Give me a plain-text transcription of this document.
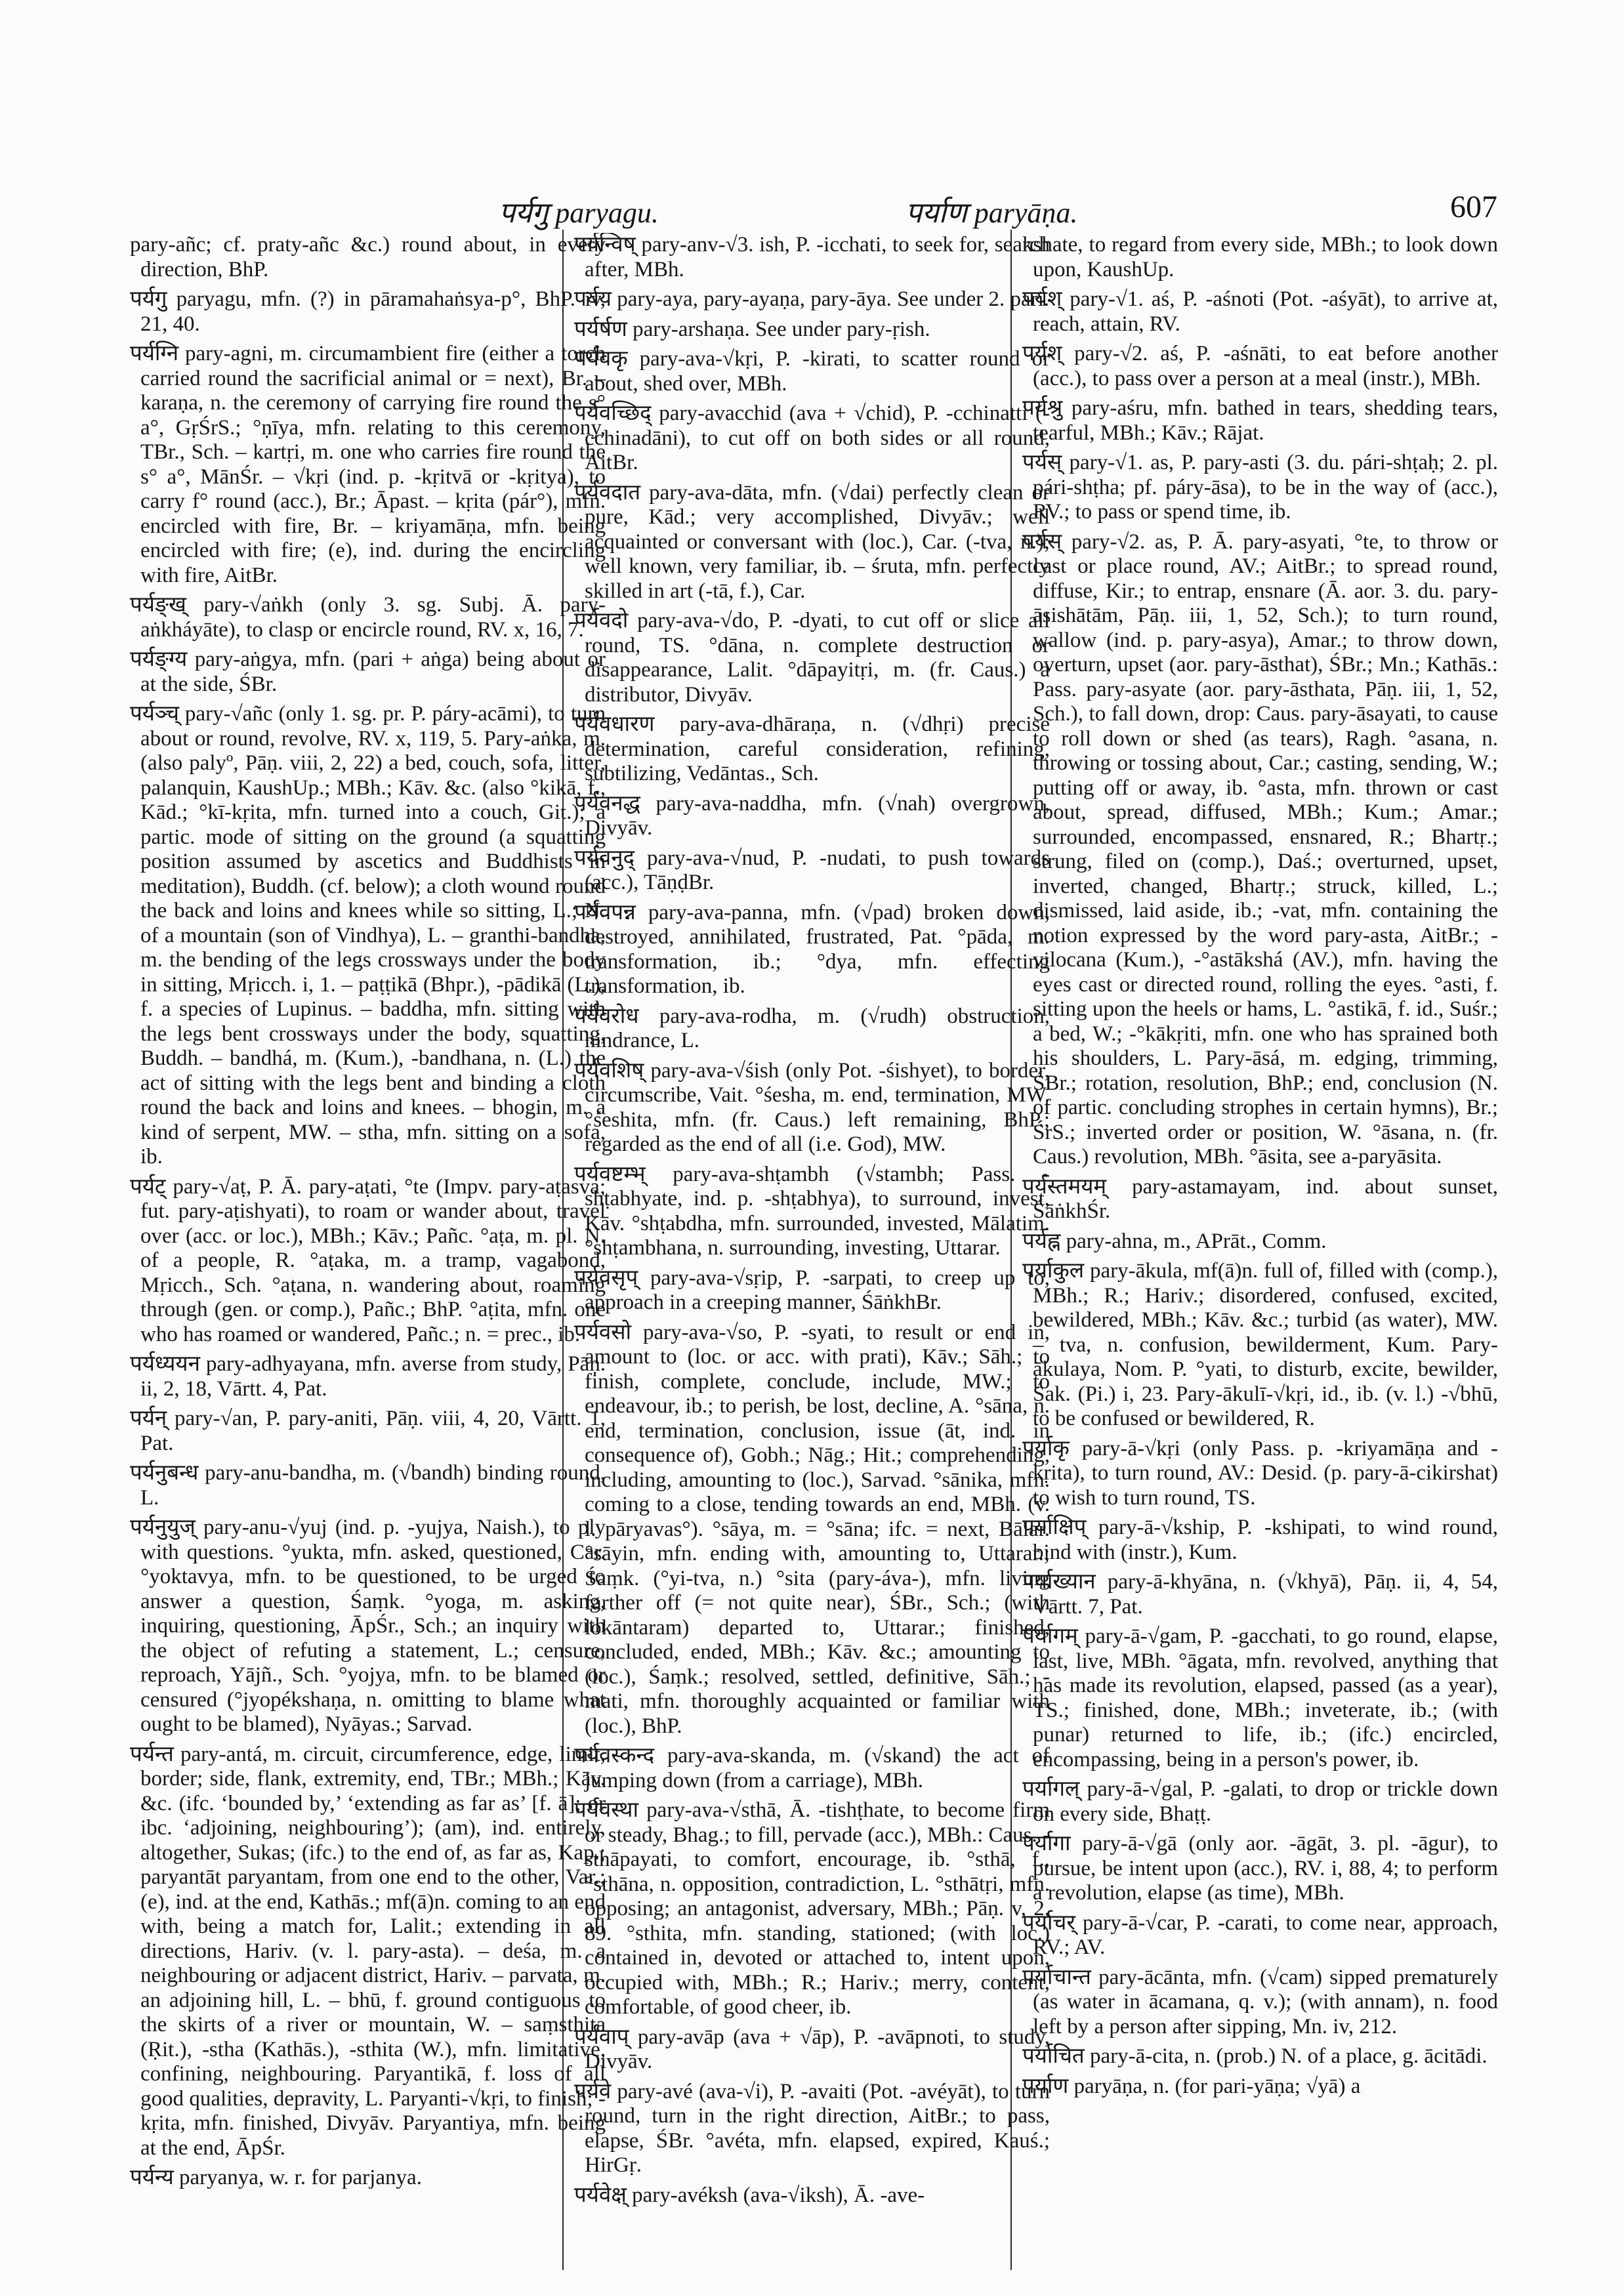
पर्यगु paryagu.	पर्याण paryāṇa.	607

pary-añc; cf. praty-añc &c.) round about, in every direction, BhP.

पर्यगु paryagu, mfn. (?) in pāramahaṅsya-p°, BhP. iv, 21, 40.

पर्यग्नि pary-agni, m. circumambient fire (either a torch carried round the sacrificial animal or = next), Br. – karaṇa, n. the ceremony of carrying fire round the s° a°, GṛŚrS.; °ṇīya, mfn. relating to this ceremony, TBr., Sch. – kartṛi, m. one who carries fire round the s° a°, MānŚr. – √kṛi (ind. p. -kṛitvā or -kṛitya), to carry f° round (acc.), Br.; Āpast. – kṛita (pár°), mfn. encircled with fire, Br. – kriyamāṇa, mfn. being encircled with fire; (e), ind. during the encircling with fire, AitBr.

पर्यङ्ख् pary-√aṅkh (only 3. sg. Subj. Ā. pary-aṅkháyāte), to clasp or encircle round, RV. x, 16, 7.

पर्यङ्ग्य pary-aṅgya, mfn. (pari + aṅga) being about or at the side, ŚBr.

पर्यञ्च् pary-√añc (only 1. sg. pr. P. páry-acāmi), to turn about or round, revolve, RV. x, 119, 5. Pary-aṅka, m. (also palyº, Pāṇ. viii, 2, 22) a bed, couch, sofa, litter, palanquin, KaushUp.; MBh.; Kāv. &c. (also °kikā, f., Kād.; °kī-kṛita, mfn. turned into a couch, Git.); a partic. mode of sitting on the ground (a squatting position assumed by ascetics and Buddhists in meditation), Buddh. (cf. below); a cloth wound round the back and loins and knees while so sitting, L.; N. of a mountain (son of Vindhya), L. – granthi-bandha, m. the bending of the legs crossways under the body in sitting, Mṛicch. i, 1. – paṭṭikā (Bhpr.), -pādikā (L.), f. a species of Lupinus. – baddha, mfn. sitting with the legs bent crossways under the body, squatting, Buddh. – bandhá, m. (Kum.), -bandhana, n. (L.) the act of sitting with the legs bent and binding a cloth round the back and loins and knees. – bhogin, m. a kind of serpent, MW. – stha, mfn. sitting on a sofa, ib.

पर्यट् pary-√aṭ, P. Ā. pary-aṭati, °te (Impv. pary-aṭasva; fut. pary-aṭishyati), to roam or wander about, travel over (acc. or loc.), MBh.; Kāv.; Pañc. °aṭa, m. pl. N. of a people, R. °aṭaka, m. a tramp, vagabond, Mṛicch., Sch. °aṭana, n. wandering about, roaming through (gen. or comp.), Pañc.; BhP. °aṭita, mfn. one who has roamed or wandered, Pañc.; n. = prec., ib.

पर्यध्ययन pary-adhyayana, mfn. averse from study, Pāṇ. ii, 2, 18, Vārtt. 4, Pat.

पर्यन् pary-√an, P. pary-aniti, Pāṇ. viii, 4, 20, Vārtt. 1, Pat.

पर्यनुबन्ध pary-anu-bandha, m. (√bandh) binding round, L.

पर्यनुयुज् pary-anu-√yuj (ind. p. -yujya, Naish.), to ply with questions. °yukta, mfn. asked, questioned, Car. °yoktavya, mfn. to be questioned, to be urged to answer a question, Śaṃk. °yoga, m. asking, inquiring, questioning, ĀpŚr., Sch.; an inquiry with the object of refuting a statement, L.; censure, reproach, Yājñ., Sch. °yojya, mfn. to be blamed or censured (°jyopékshaṇa, n. omitting to blame what ought to be blamed), Nyāyas.; Sarvad.

पर्यन्त pary-antá, m. circuit, circumference, edge, limit, border; side, flank, extremity, end, TBr.; MBh.; Kāv. &c. (ifc. ‘bounded by,’ ‘extending as far as’ [f. ā]; or ibc. ‘adjoining, neighbouring’); (am), ind. entirely, altogether, Sukas; (ifc.) to the end of, as far as, Kap.; paryantāt paryantam, from one end to the other, Var.; (e), ind. at the end, Kathās.; mf(ā)n. coming to an end with, being a match for, Lalit.; extending in all directions, Hariv. (v. l. pary-asta). – deśa, m. a neighbouring or adjacent district, Hariv. – parvata, m. an adjoining hill, L. – bhū, f. ground contiguous to the skirts of a river or mountain, W. – saṃsthita (Ṛit.), -stha (Kathās.), -sthita (W.), mfn. limitative, confining, neighbouring. Paryantikā, f. loss of all good qualities, depravity, L. Paryanti-√kṛi, to finish; -kṛita, mfn. finished, Divyāv. Paryantiya, mfn. being at the end, ĀpŚr.

पर्यन्य paryanya, w. r. for parjanya.

पर्यन्विष् pary-anv-√3. ish, P. -icchati, to seek for, search after, MBh.

पर्यय pary-aya, pary-ayaṇa, pary-āya. See under 2. pari.

पर्यर्षण pary-arshaṇa. See under pary-ṛish.

पर्यवकृ pary-ava-√kṛi, P. -kirati, to scatter round or about, shed over, MBh.

पर्यवच्छिद् pary-avacchid (ava + √chid), P. -cchinatti (-cchinadāni), to cut off on both sides or all round, AitBr.

पर्यवदात pary-ava-dāta, mfn. (√dai) perfectly clean or pure, Kād.; very accomplished, Divyāv.; well acquainted or conversant with (loc.), Car. (-tva, n.); well known, very familiar, ib. – śruta, mfn. perfectly skilled in art (-tā, f.), Car.

पर्यवदो pary-ava-√do, P. -dyati, to cut off or slice all round, TS. °dāna, n. complete destruction or disappearance, Lalit. °dāpayitṛi, m. (fr. Caus.) a distributor, Divyāv.

पर्यवधारण pary-ava-dhāraṇa, n. (√dhṛi) precise determination, careful consideration, refining, subtilizing, Vedāntas., Sch.

पर्यवनद्ध pary-ava-naddha, mfn. (√nah) overgrown, Divyāv.

पर्यवनुद् pary-ava-√nud, P. -nudati, to push towards (acc.), TāṇḍBr.

पर्यवपन्न pary-ava-panna, mfn. (√pad) broken down, destroyed, annihilated, frustrated, Pat. °pāda, m. transformation, ib.; °dya, mfn. effecting transformation, ib.

पर्यवरोध pary-ava-rodha, m. (√rudh) obstruction, hindrance, L.

पर्यवशिष् pary-ava-√śish (only Pot. -śishyet), to border, circumscribe, Vait. °śesha, m. end, termination, MW. °śeshita, mfn. (fr. Caus.) left remaining, BhP.; regarded as the end of all (i.e. God), MW.

पर्यवष्टम्भ् pary-ava-shṭambh (√stambh; Pass. -shṭabhyate, ind. p. -shṭabhya), to surround, invest, Kāv. °shṭabdha, mfn. surrounded, invested, Mālatim. °shṭambhana, n. surrounding, investing, Uttarar.

पर्यवसृप् pary-ava-√sṛip, P. -sarpati, to creep up to, approach in a creeping manner, ŚāṅkhBr.

पर्यवसो pary-ava-√so, P. -syati, to result or end in, amount to (loc. or acc. with prati), Kāv.; Sāh.; to finish, complete, conclude, include, MW.; to endeavour, ib.; to perish, be lost, decline, A. °sāna, n. end, termination, conclusion, issue (āt, ind. in consequence of), Gobh.; Nāg.; Hit.; comprehending, including, amounting to (loc.), Sarvad. °sānika, mfn. coming to a close, tending towards an end, MBh. (v. l. pāryavas°). °sāya, m. = °sāna; ifc. = next, Bālar. °sāyin, mfn. ending with, amounting to, Uttarar.; Śaṃk. (°yi-tva, n.) °sita (pary-áva-), mfn. living farther off (= not quite near), ŚBr., Sch.; (with lokāntaram) departed to, Uttarar.; finished, concluded, ended, MBh.; Kāv. &c.; amounting to (loc.), Śaṃk.; resolved, settled, definitive, Sāh.; -mati, mfn. thoroughly acquainted or familiar with (loc.), BhP.

पर्यवस्कन्द pary-ava-skanda, m. (√skand) the act of jumping down (from a carriage), MBh.

पर्यवस्था pary-ava-√sthā, Ā. -tishṭhate, to become firm or steady, Bhag.; to fill, pervade (acc.), MBh.: Caus. -sthāpayati, to comfort, encourage, ib. °sthā, f., °sthāna, n. opposition, contradiction, L. °sthātṛi, mfn. opposing; an antagonist, adversary, MBh.; Pāṇ. v, 2, 89. °sthita, mfn. standing, stationed; (with loc.) contained in, devoted or attached to, intent upon, occupied with, MBh.; R.; Hariv.; merry, content, comfortable, of good cheer, ib.

पर्यवाप् pary-avāp (ava + √āp), P. -avāpnoti, to study, Divyāv.

पर्यवे pary-avé (ava-√i), P. -avaiti (Pot. -avéyāt), to turn round, turn in the right direction, AitBr.; to pass, elapse, ŚBr. °avéta, mfn. elapsed, expired, Kauś.; HirGṛ.

पर्यवेक्ष् pary-avéksh (ava-√iksh), Ā. -ave-

kshate, to regard from every side, MBh.; to look down upon, KaushUp.

पर्यश् pary-√1. aś, P. -aśnoti (Pot. -aśyāt), to arrive at, reach, attain, RV.

पर्यश् pary-√2. aś, P. -aśnāti, to eat before another (acc.), to pass over a person at a meal (instr.), MBh.

पर्यश्रु pary-aśru, mfn. bathed in tears, shedding tears, tearful, MBh.; Kāv.; Rājat.

पर्यस् pary-√1. as, P. pary-asti (3. du. pári-shṭaḥ; 2. pl. pári-shṭha; pf. páry-āsa), to be in the way of (acc.), RV.; to pass or spend time, ib.

पर्यस् pary-√2. as, P. Ā. pary-asyati, °te, to throw or cast or place round, AV.; AitBr.; to spread round, diffuse, Kir.; to entrap, ensnare (Ā. aor. 3. du. pary-āsishātām, Pāṇ. iii, 1, 52, Sch.); to turn round, wallow (ind. p. pary-asya), Amar.; to throw down, overturn, upset (aor. pary-āsthat), ŚBr.; Mn.; Kathās.: Pass. pary-asyate (aor. pary-āsthata, Pāṇ. iii, 1, 52, Sch.), to fall down, drop: Caus. pary-āsayati, to cause to roll down or shed (as tears), Ragh. °asana, n. throwing or tossing about, Car.; casting, sending, W.; putting off or away, ib. °asta, mfn. thrown or cast about, spread, diffused, MBh.; Kum.; Amar.; surrounded, encompassed, ensnared, R.; Bhartṛ.; strung, filed on (comp.), Daś.; overturned, upset, inverted, changed, Bhartṛ.; struck, killed, L.; dismissed, laid aside, ib.; -vat, mfn. containing the notion expressed by the word pary-asta, AitBr.; -vilocana (Kum.), -°astākshá (AV.), mfn. having the eyes cast or directed round, rolling the eyes. °asti, f. sitting upon the heels or hams, L. °astikā, f. id., Suśr.; a bed, W.; -°kākṛiti, mfn. one who has sprained both his shoulders, L. Pary-āsá, m. edging, trimming, ŚBr.; rotation, resolution, BhP.; end, conclusion (N. of partic. concluding strophes in certain hymns), Br.; ŚrS.; inverted order or position, W. °āsana, n. (fr. Caus.) revolution, MBh. °āsita, see a-paryāsita.

पर्यस्तमयम् pary-astamayam, ind. about sunset, ŚāṅkhŚr.

पर्यह्न pary-ahna, m., APrāt., Comm.

पर्याकुल pary-ākula, mf(ā)n. full of, filled with (comp.), MBh.; R.; Hariv.; disordered, confused, excited, bewildered, MBh.; Kāv. &c.; turbid (as water), MW. – tva, n. confusion, bewilderment, Kum. Pary-ākulaya, Nom. P. °yati, to disturb, excite, bewilder, Śak. (Pi.) i, 23. Pary-ākulī-√kṛi, id., ib. (v. l.) -√bhū, to be confused or bewildered, R.

पर्याकृ pary-ā-√kṛi (only Pass. p. -kriyamāṇa and -kṛita), to turn round, AV.: Desid. (p. pary-ā-cikirshat) to wish to turn round, TS.

पर्याक्षिप् pary-ā-√kship, P. -kshipati, to wind round, bind with (instr.), Kum.

पर्याख्यान pary-ā-khyāna, n. (√khyā), Pāṇ. ii, 4, 54, Vārtt. 7, Pat.

पर्यागम् pary-ā-√gam, P. -gacchati, to go round, elapse, last, live, MBh. °āgata, mfn. revolved, anything that has made its revolution, elapsed, passed (as a year), TS.; finished, done, MBh.; inveterate, ib.; (with punar) returned to life, ib.; (ifc.) encircled, encompassing, being in a person's power, ib.

पर्यागल् pary-ā-√gal, P. -galati, to drop or trickle down on every side, Bhaṭṭ.

पर्यागा pary-ā-√gā (only aor. -āgāt, 3. pl. -āgur), to pursue, be intent upon (acc.), RV. i, 88, 4; to perform a revolution, elapse (as time), MBh.

पर्याचर् pary-ā-√car, P. -carati, to come near, approach, RV.; AV.

पर्याचान्त pary-ācānta, mfn. (√cam) sipped prematurely (as water in ācamana, q. v.); (with annam), n. food left by a person after sipping, Mn. iv, 212.

पर्याचित pary-ā-cita, n. (prob.) N. of a place, g. ācitādi.

पर्याण paryāṇa, n. (for pari-yāṇa; √yā) a
